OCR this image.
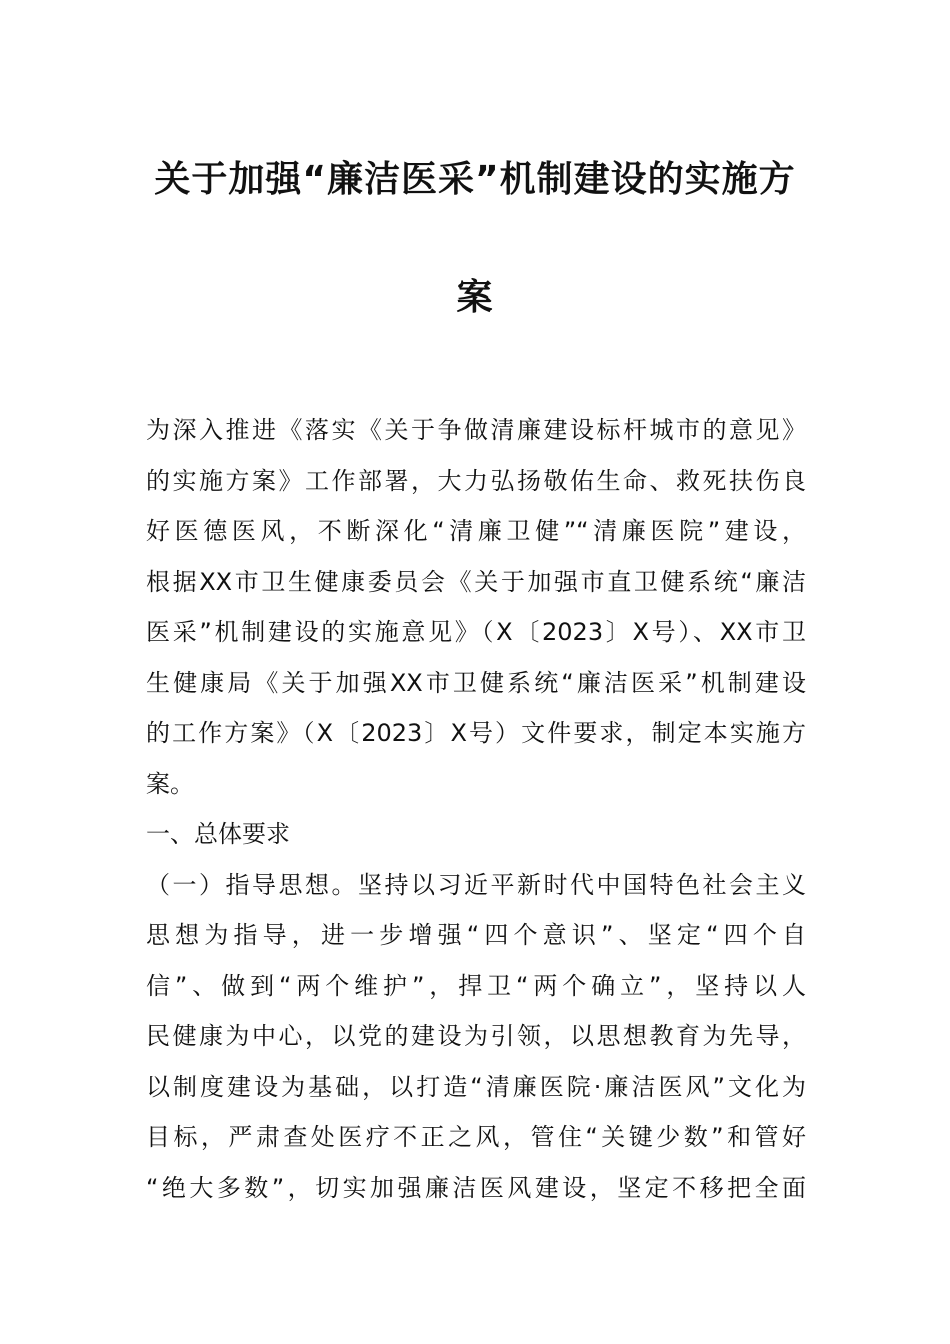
关于加强“廉洁医采”机制建设的实施方
案
为深入推进《落实《关于争做清廉建设标杆城市的意见》
的实施方案》工作部署，大力弘扬敬佑生命、救死扶伤良
好医德医风，不断深化“清廉卫健”“清廉医院”建设，
根据XX市卫生健康委员会《关于加强市直卫健系统“廉洁
医采”机制建设的实施意见》（X〔2023〕X号）、XX市卫
生健康局《关于加强XX市卫健系统“廉洁医采”机制建设
的工作方案》（X〔2023〕X号）文件要求，制定本实施方
案。
一、总体要求
（一）指导思想。坚持以习近平新时代中国特色社会主义
思想为指导，进一步增强“四个意识”、坚定“四个自
信”、做到“两个维护”，捍卫“两个确立”，坚持以人
民健康为中心，以党的建设为引领，以思想教育为先导，
以制度建设为基础，以打造“清廉医院·廉洁医风”文化为
目标，严肃查处医疗不正之风，管住“关键少数”和管好
“绝大多数”，切实加强廉洁医风建设，坚定不移把全面
